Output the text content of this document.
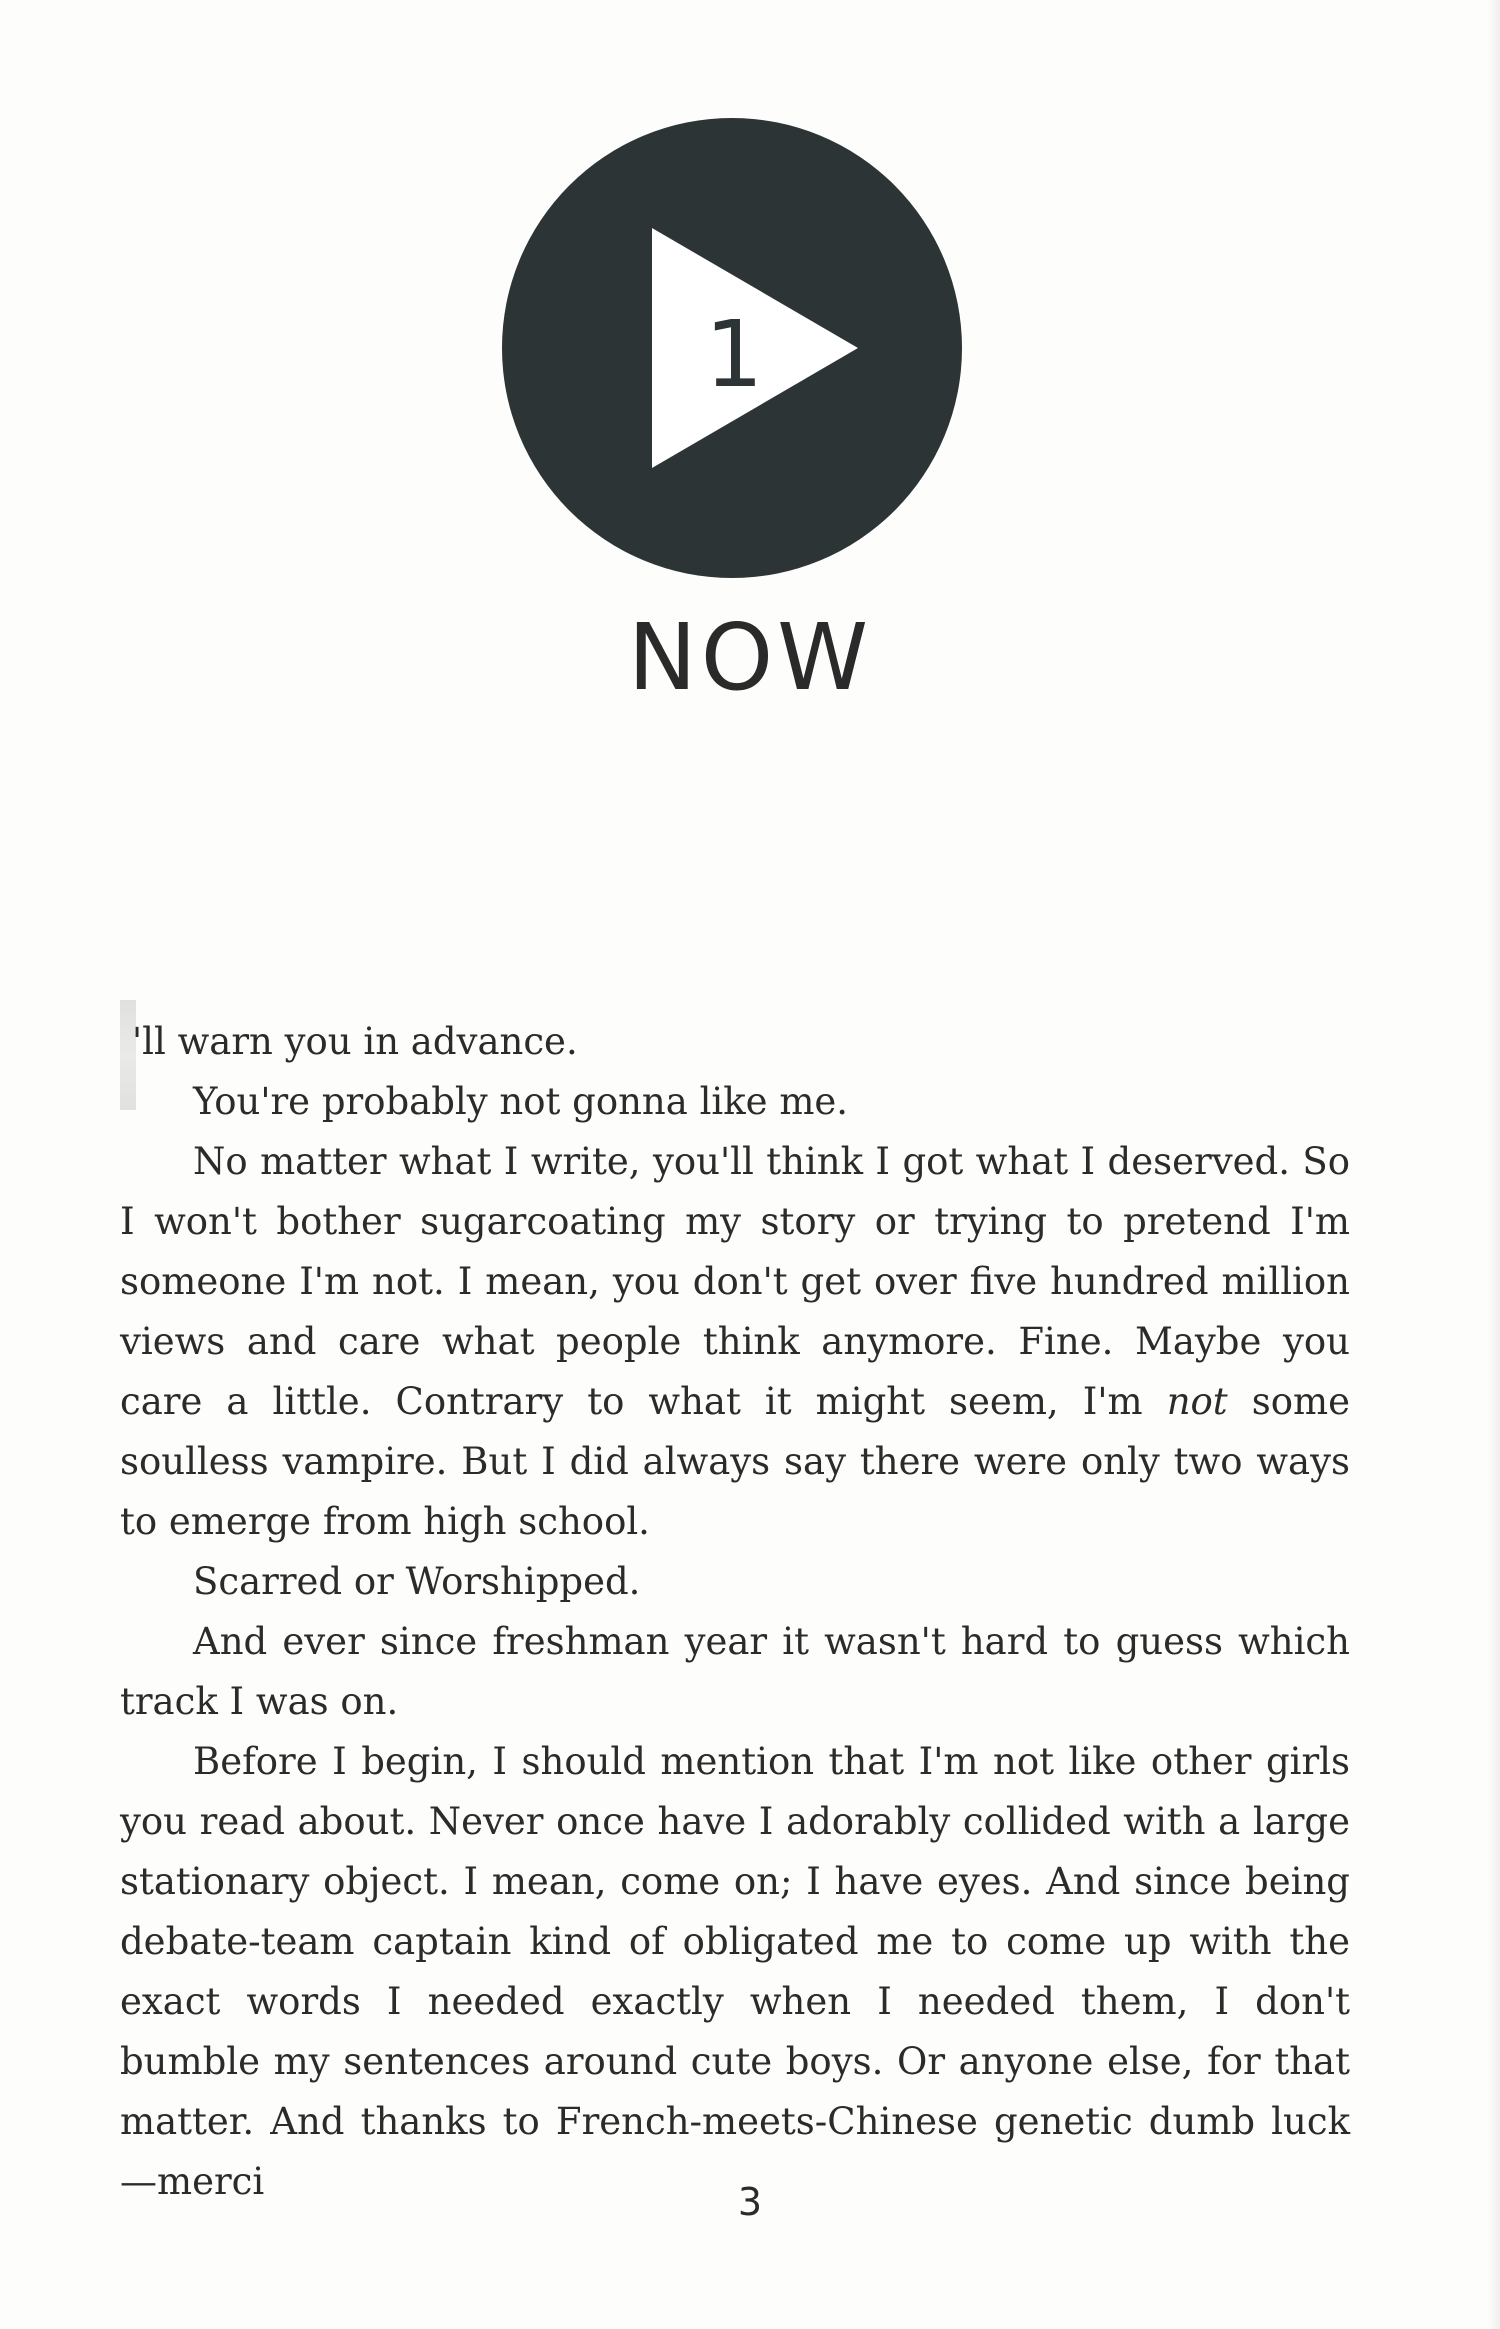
1
NOW

'll warn you in advance.

You're probably not gonna like me.

No matter what I write, you'll think I got what I deserved. So I won't bother sugarcoating my story or trying to pretend I'm someone I'm not. I mean, you don't get over five hundred million views and care what people think anymore. Fine. Maybe you care a little. Contrary to what it might seem, I'm not some soulless vampire. But I did always say there were only two ways to emerge from high school.

Scarred or Worshipped.

And ever since freshman year it wasn't hard to guess which track I was on.

Before I begin, I should mention that I'm not like other girls you read about. Never once have I adorably collided with a large stationary object. I mean, come on; I have eyes. And since being debate-team captain kind of obligated me to come up with the exact words I needed exactly when I needed them, I don't bumble my sentences around cute boys. Or anyone else, for that matter. And thanks to French-meets-Chinese genetic dumb luck—merci	3
